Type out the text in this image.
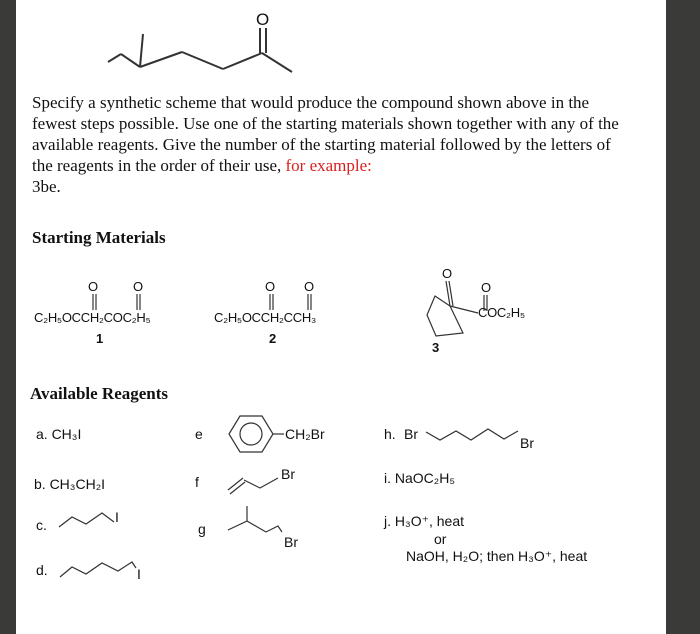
O

Specify a synthetic scheme that would produce the compound shown above in the fewest steps possible. Use one of the starting materials shown together with any of the available reagents. Give the number of the starting material followed by the letters of the reagents in the order of their use, for example:
3be.

Starting Materials
O	O
C₂H₅OCCH₂COC₂H₅
1
O O
C₂H₅OCCH₂CCH₃
2
O
O
COC₂H₅
3
Available Reagents
a. CH₃I
b. CH₃CH₂I
c.	I
d.	I
e	CH₂Br
f	Br
g
Br
h. Br
Br
i. NaOC₂H₅
j. H₃O⁺, heat
or
NaOH, H₂O; then H₃O⁺, heat
